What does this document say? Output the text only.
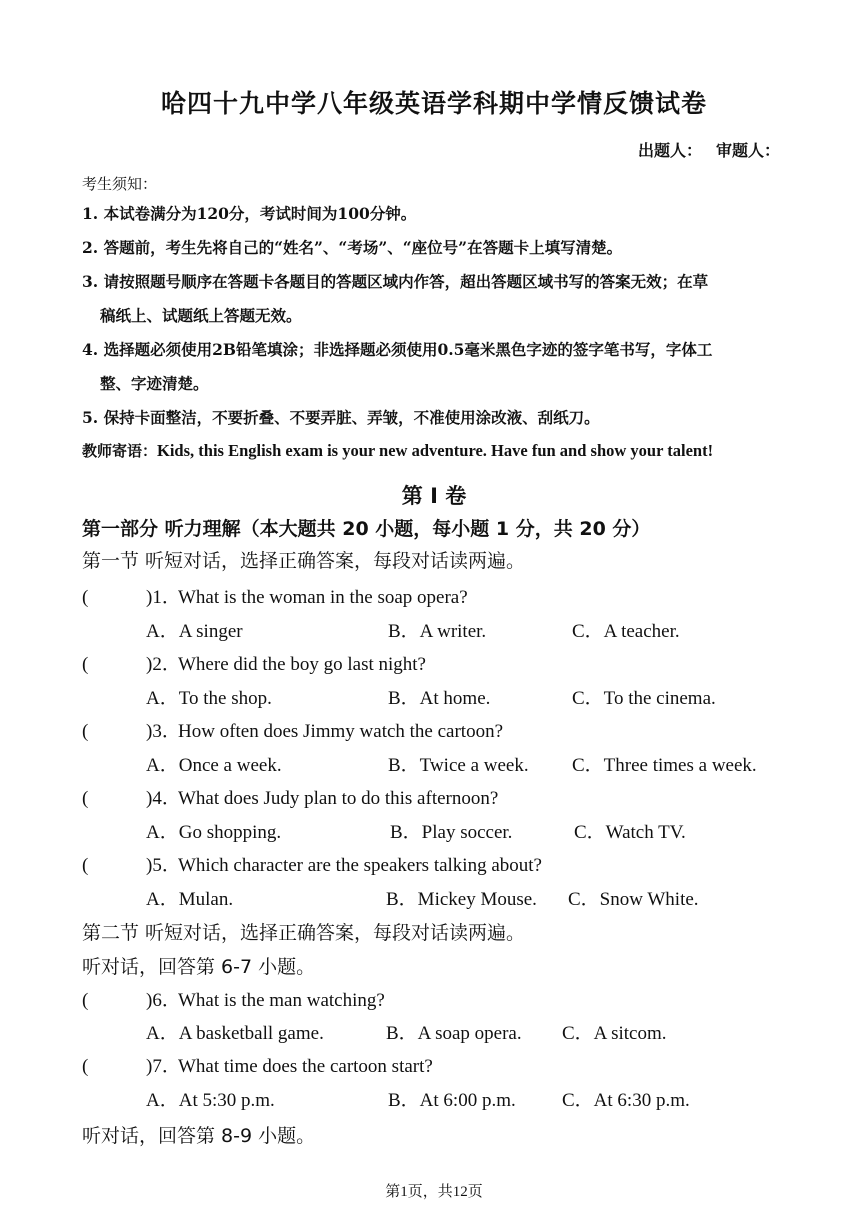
哈四十九中学八年级英语学科期中学情反馈试卷
出题人： 审题人：
考生须知：
1. 本试卷满分为120分，考试时间为100分钟。
2. 答题前，考生先将自己的“姓名”、“考场”、“座位号”在答题卡上填写清楚。
3. 请按照题号顺序在答题卡各题目的答题区域内作答，超出答题区域书写的答案无效；在草
稿纸上、试题纸上答题无效。
4. 选择题必须使用2B铅笔填涂；非选择题必须使用0.5毫米黑色字迹的签字笔书写，字体工
整、字迹清楚。
5. 保持卡面整洁，不要折叠、不要弄脏、弄皱，不准使用涂改液、刮纸刀。
教师寄语：Kids, this English exam is your new adventure. Have fun and show your talent!
第 I 卷
第一部分 听力理解（本大题共 20 小题，每小题 1 分，共 20 分）
第一节 听短对话，选择正确答案，每段对话读两遍。
(	)1．What is the woman in the soap opera?
A．A singer	B．A writer.	C．A teacher.
(	)2．Where did the boy go last night?
A．To the shop.	B．At home.	C．To the cinema.
(	)3．How often does Jimmy watch the cartoon?
A．Once a week.	B．Twice a week. C．Three times a week.
(	)4．What does Judy plan to do this afternoon?
A．Go shopping.	B．Play soccer.	C．Watch TV.
(	)5．Which character are the speakers talking about?
A．Mulan.	B．Mickey Mouse. C．Snow White.
第二节 听短对话，选择正确答案，每段对话读两遍。
听对话，回答第 6-7 小题。
(	)6．What is the man watching?
A．A basketball game.	B．A soap opera. C．A sitcom.
(	)7．What time does the cartoon start?
A．At 5:30 p.m.	B．At 6:00 p.m. C．At 6:30 p.m.
听对话，回答第 8-9 小题。
第1页，共12页
